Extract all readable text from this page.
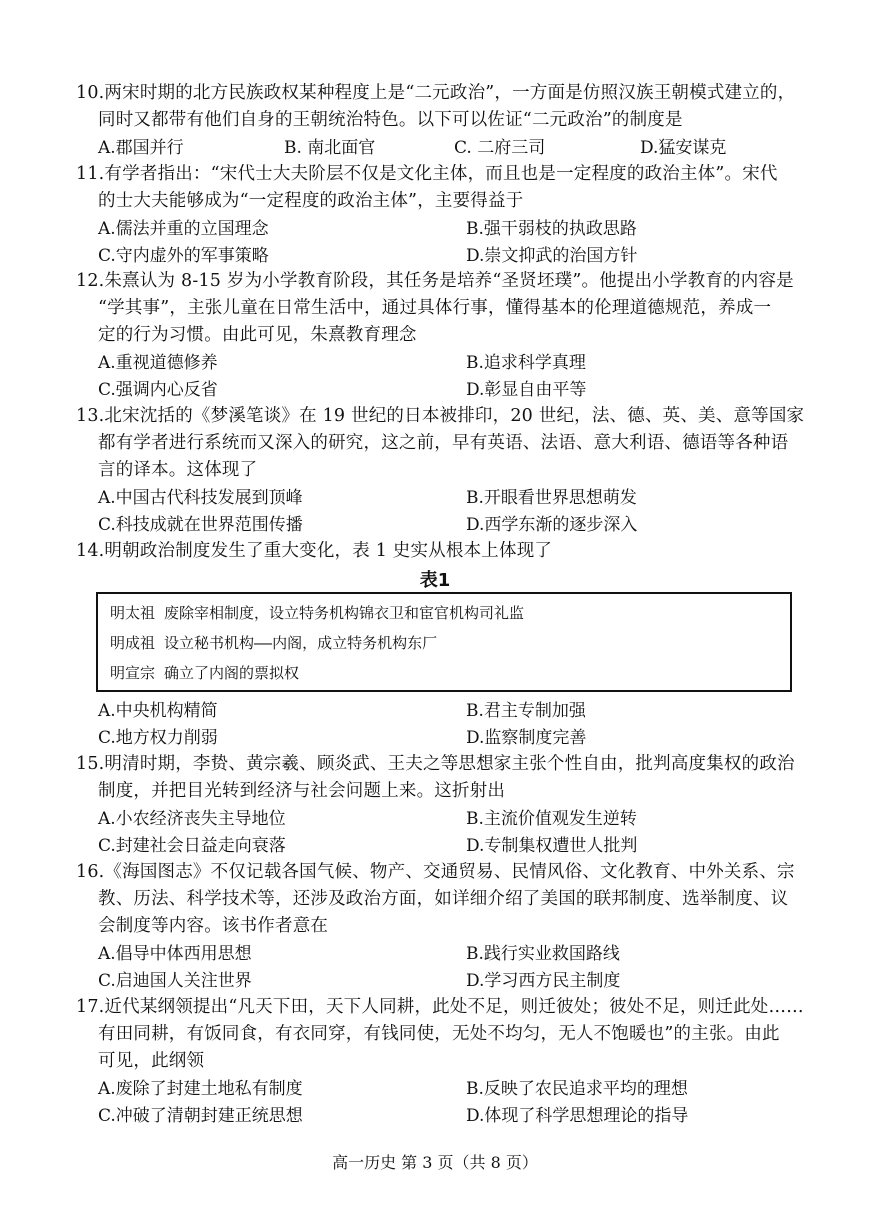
10.两宋时期的北方民族政权某种程度上是“二元政治”，一方面是仿照汉族王朝模式建立的，
同时又都带有他们自身的王朝统治特色。以下可以佐证“二元政治”的制度是
A.郡国并行	B. 南北面官	C. 二府三司	D.猛安谋克
11.有学者指出：“宋代士大夫阶层不仅是文化主体，而且也是一定程度的政治主体”。宋代
的士大夫能够成为“一定程度的政治主体”，主要得益于
A.儒法并重的立国理念	B.强干弱枝的执政思路
C.守内虚外的军事策略	D.崇文抑武的治国方针
12.朱熹认为 8-15 岁为小学教育阶段，其任务是培养“圣贤坯璞”。他提出小学教育的内容是
“学其事”，主张儿童在日常生活中，通过具体行事，懂得基本的伦理道德规范，养成一
定的行为习惯。由此可见，朱熹教育理念
A.重视道德修养	B.追求科学真理
C.强调内心反省	D.彰显自由平等
13.北宋沈括的《梦溪笔谈》在 19 世纪的日本被排印，20 世纪，法、德、英、美、意等国家
都有学者进行系统而又深入的研究，这之前，早有英语、法语、意大利语、德语等各种语
言的译本。这体现了
A.中国古代科技发展到顶峰	B.开眼看世界思想萌发
C.科技成就在世界范围传播	D.西学东渐的逐步深入
14.明朝政治制度发生了重大变化，表 1 史实从根本上体现了
表1
明太祖 废除宰相制度，设立特务机构锦衣卫和宦官机构司礼监
明成祖 设立秘书机构——内阁，成立特务机构东厂
明宣宗 确立了内阁的票拟权
A.中央机构精简	B.君主专制加强
C.地方权力削弱	D.监察制度完善
15.明清时期，李贽、黄宗羲、顾炎武、王夫之等思想家主张个性自由，批判高度集权的政治
制度，并把目光转到经济与社会问题上来。这折射出
A.小农经济丧失主导地位	B.主流价值观发生逆转
C.封建社会日益走向衰落	D.专制集权遭世人批判
16.《海国图志》不仅记载各国气候、物产、交通贸易、民情风俗、文化教育、中外关系、宗
教、历法、科学技术等，还涉及政治方面，如详细介绍了美国的联邦制度、选举制度、议
会制度等内容。该书作者意在
A.倡导中体西用思想	B.践行实业救国路线
C.启迪国人关注世界	D.学习西方民主制度
17.近代某纲领提出“凡天下田，天下人同耕，此处不足，则迁彼处；彼处不足，则迁此处……
有田同耕，有饭同食，有衣同穿，有钱同使，无处不均匀，无人不饱暖也”的主张。由此
可见，此纲领
A.废除了封建土地私有制度	B.反映了农民追求平均的理想
C.冲破了清朝封建正统思想	D.体现了科学思想理论的指导
高一历史 第 3 页（共 8 页）
